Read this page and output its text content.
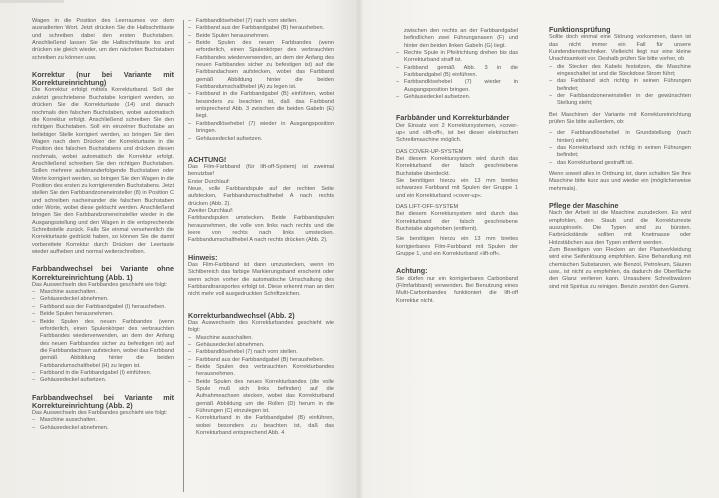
Wagen in die Position des Leerraumes vor dem ausradierten Wort. Jetzt drücken Sie die Halbschrittaste und schreiben dabei den ersten Buchstaben. Anschließend lassen Sie die Halbschrittaste los und drücken sie gleich wieder, um den nächsten Buchstaben schreiben zu können usw.

Korrektur (nur bei Variante mit Korrektureinrichtung)

Die Korrektur erfolgt mittels Korrekturband. Soll der zuletzt geschriebene Buchstabe korrigiert werden, so drücken Sie die Korrekturtaste (14) und danach nochmals den falschen Buchstaben, wobei automatisch die Korrektur erfolgt. Anschließend schreiben Sie den richtigen Buchstaben. Soll ein einzelner Buchstabe an beliebiger Stelle korrigiert werden, so bringen Sie den Wagen nach dem Drücken der Korrekturtaste in die Position des falschen Buchstabens und drücken diesen nochmals, wobei automatisch die Korrektur erfolgt. Anschließend schreiben Sie den richtigen Buchstaben. Sollen mehrere aufeinanderfolgende Buchstaben oder Worte korrigiert werden, so bringen Sie den Wagen in die Position des ersten zu korrigierenden Buchstabens. Jetzt stellen Sie den Farbbandzoneneinsteller (8) in Position C und schreiben nacheinander die falschen Buchstaben oder Worte, wobei diese gelöscht werden. Anschließend bringen Sie den Farbbandzoneneinsteller wieder in die Ausgangsstellung und den Wagen in die entsprechende Schreibstelle zurück. Falls Sie einmal versehentlich die Korrekturtaste gedrückt haben, so können Sie die damit vorbereitete Korrektur durch Drücken der Leertaste wieder aufheben und normal weiterschreiben.

Farbbandwechsel bei Variante ohne Korrektureinrichtung (Abb. 1)

Das Auswechseln des Farbbandes geschieht wie folgt:

– Maschine ausschalten.
– Gehäusedeckel abnehmen.
– Farbband aus der Farbbandgabel (I) herausheben.
– Beide Spulen herausnehmen.
– Beide Spulen des neuen Farbbandes (wenn erforderlich, einen Spulenkörper des verbrauchten Farbbandes wiederverwenden, an dem der Anfang des neuen Farbbandes sicher zu befestigen ist) auf die Farbbandachsen aufstecken, wobei das Farbband gemäß Abbildung hinter die beiden Farbbandumschalthebel (H) zu legen ist.
– Farbband in die Farbbandgabel (I) einführen.
– Gehäusedeckel aufsetzen.
Farbbandwechsel bei Variante mit Korrektureinrichtung (Abb. 2)

Das Auswechseln des Farbbandes geschieht wie folgt:

– Maschine ausschalten.
– Gehäusedeckel abnehmen.
– Farbbandlösehebel (7) nach vorn stellen.
– Farbband aus der Farbbandgabel (B) herausheben.
– Beide Spulen herausnehmen.
– Beide Spulen des neuen Farbbandes (wenn erforderlich, einen Spulenkörper des verbrauchten Farbbandes wiederverwenden, an dem der Anfang des neuen Farbbandes sicher zu befestigen ist) auf die Farbbandachsen aufstecken, wobei das Farbband gemäß Abbildung hinter die beiden Farbbandumschalthebel (A) zu legen ist.
– Farbband in die Farbbandgabel (B) einführen, wobei besonders zu beachten ist, daß das Farbband entsprechend Abb. 3 zwischen die beiden Gabeln (E) liegt.
– Farbbandlösehebel (7) wieder in Ausgangsposition bringen.
– Gehäusedeckel aufsetzen.
ACHTUNG!

Das Film-Farbband (für lift-off-System) ist zweimal benutzbar!

Erster Durchlauf:

Neue, volle Farbbandspule auf der rechten Seite aufstecken, Farbbandumschalthebel A nach rechts drücken (Abb. 2).

Zweiter Durchlauf:

Farbbandspulen umstecken. Beide Farbbandspulen herausnehmen, die volle von links nach rechts und die leere von rechts nach links umstecken. Farbbandumschalthebel A nach rechts drücken (Abb. 2).

Hinweis:

Das Film-Farbband ist dann umzustecken, wenn im Sichtbereich das farbige Markierungsband erscheint oder wenn schon vorher die automatische Umschaltung des Farbbandtransportes erfolgt ist. Diese erkennt man an den nicht mehr voll ausgedruckten Schriftzeichen.

Korrekturbandwechsel (Abb. 2)

Das Auswechseln des Korrekturbandes geschieht wie folgt:

– Maschine ausschalten.
– Gehäusedeckel abnehmen.
– Farbbandlösehebel (7) nach vorn stellen.
– Farbband aus der Farbbandgabel (B) herausheben.
– Beide Spulen des verbrauchten Korrekturbandes herausnehmen.
– Beide Spulen des neues Korrekturbandes (die volle Spule muß sich links befinden) auf die Aufnahmeachsen stecken, wobei das Korrekturband gemäß Abbildung um die Rollen (D) herum in die Führungen (C) einzulegen ist.
– Korrekturband in die Farbbandgabel (B) einführen, wobei besonders zu beachten ist, daß das Korrekturband entsprechend Abb. 4

zwischen den rechts an der Farbbandgabel befindlichen zwei Führungsnasen (F) und hinter den beiden linken Gabeln (G) liegt.

– Rechte Spule in Pfeilrichtung drehen bis das Korrekturband straff ist.
– Farbband gemäß Abb. 3 in die Farbbandgabel (B) einführen.
– Farbbandlösehebel (7) wieder in Ausgangsposition bringen.
– Gehäusedeckel aufsetzen.
Farbbänder und Korrekturbänder

Der Einsatz von 2 Korrektursystemen, »cover-up« und »lift-off«, ist bei dieser elektrischen Schreibmaschine möglich.

DAS COVER-UP-SYSTEM

Bei diesem Korrektursystem wird durch das Korrekturband der falsch geschriebene Buchstabe überdeckt.

Sie benötigen hierzu ein 13 mm breites schwarzes Farbband mit Spulen der Gruppe 1 und ein Korrekturband »cover-up«.

DAS LIFT-OFF-SYSTEM

Bei diesem Korrektursystem wird durch das Korrekturband der falsch geschriebene Buchstabe abgehoben (entfernt).

Sie benötigen hierzu ein 13 mm breites korrigierbares Film-Farbband mit Spulen der Gruppe 1, und ein Korrekturband »lift-off«.

Achtung:

Sie dürfen nur ein korrigierbares Carbonband (Filmfarbband) verwenden. Bei Benutzung eines Multi-Carbonbandes funktioniert die lift-off Korrektur nicht.

Funktionsprüfung

Sollte doch einmal eine Störung vorkommen, dann ist das nicht immer ein Fall für unsere Kundendiensttechniker. Vielleicht liegt nur eine kleine Unachtsamkeit vor. Deshalb prüfen Sie bitte vorher, ob

– die Stecker des Kabels festsitzen, die Maschine eingeschaltet ist und die Steckdose Strom führt;
– das Farbband sich richtig in seinen Führungen befindet;
– der Farbbandzoneneinsteller in der gewünschten Stellung steht;

Bei Maschinen der Variante mit Korrektureinrichtung prüfen Sie bitte außerdem, ob:

– der Farbbandlösehebel in Grundstellung (nach hinten) steht;
– das Korrekturband sich richtig in seinen Führungen befindet;
– das Korrekturband gestrafft ist.

Wenn soweit alles in Ordnung ist, dann schalten Sie Ihre Maschine bitte kurz aus und wieder ein (möglicherweise mehrmals).

Pflege der Maschine

Nach der Arbeit ist die Maschine zuzudecken. Es wird empfohlen, den Staub und die Korrekturreste auszupinseln. Die Typen sind zu bürsten. Farbrückstände sollten mit Knetmasse oder Holzstäbchen aus den Typen entfernt werden.

Zum Beseitigen von Flecken an der Plastverkleidung wird eine Seifenlösung empfohlen. Eine Behandlung mit chemischen Substanzen, wie Benzol, Petroleum, Säuren usw., ist nicht zu empfehlen, da dadurch die Oberfläche den Glanz verlieren kann. Unsaubere Schreibwalzen sind mit Spiritus zu reinigen. Benzin zerstört den Gummi.
